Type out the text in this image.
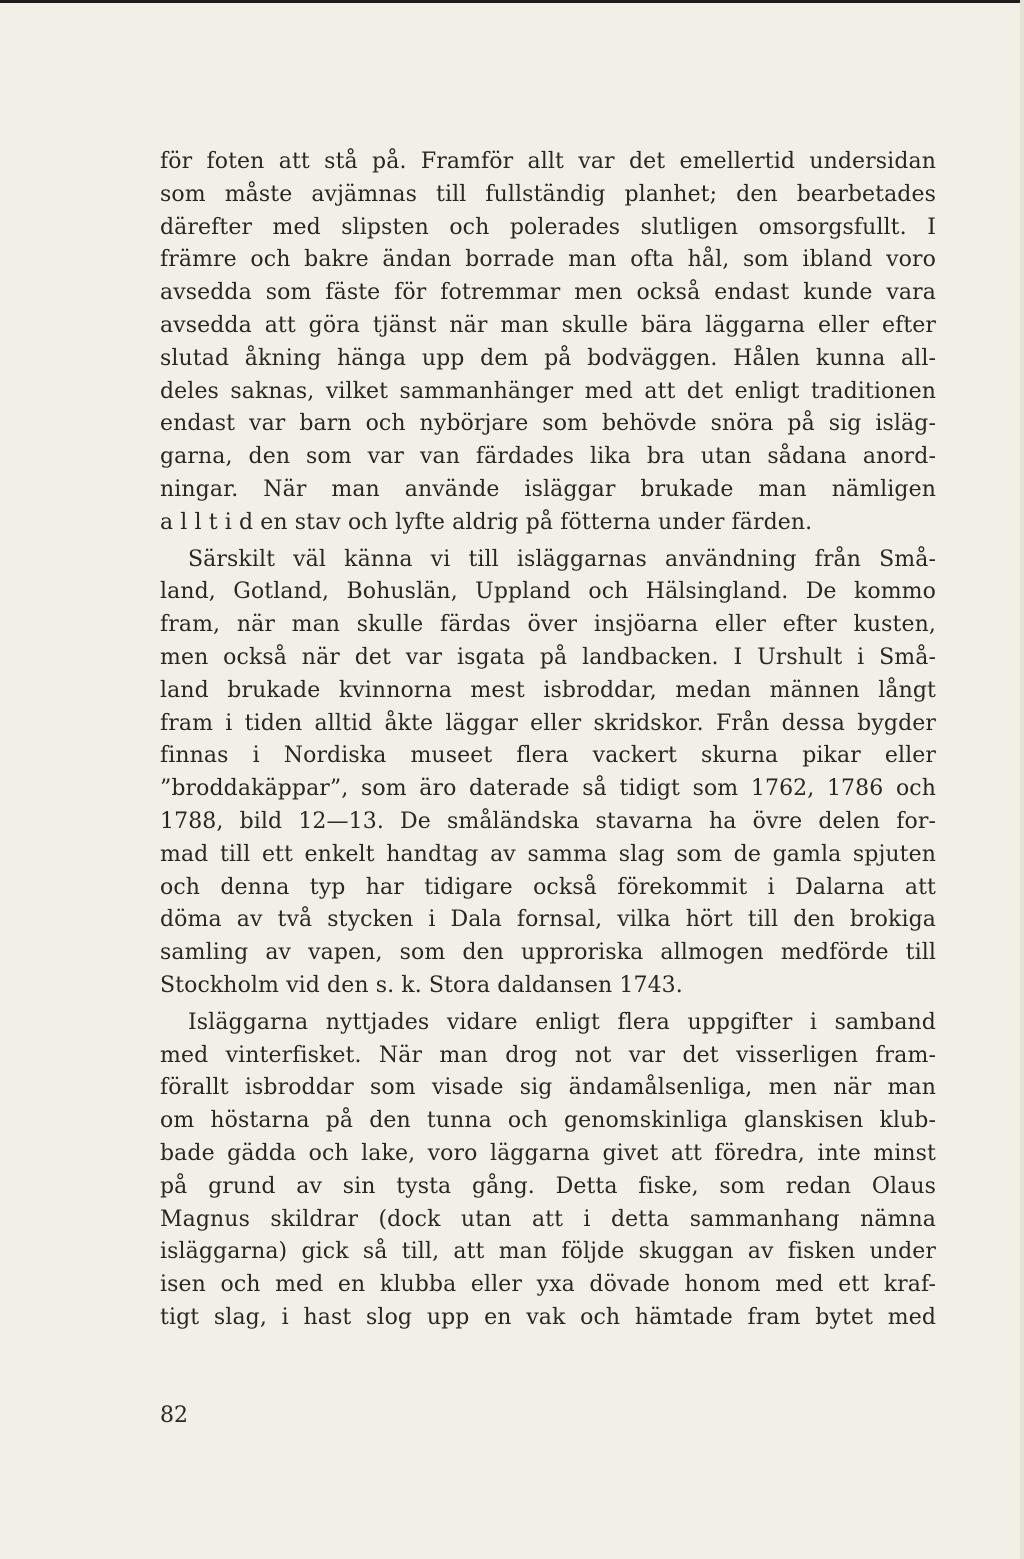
för foten att stå på. Framför allt var det emellertid undersidan
som måste avjämnas till fullständig planhet; den bearbetades
därefter med slipsten och polerades slutligen omsorgsfullt. I
främre och bakre ändan borrade man ofta hål, som ibland voro
avsedda som fäste för fotremmar men också endast kunde vara
avsedda att göra tjänst när man skulle bära läggarna eller efter
slutad åkning hänga upp dem på bodväggen. Hålen kunna all-
deles saknas, vilket sammanhänger med att det enligt traditionen
endast var barn och nybörjare som behövde snöra på sig isläg-
garna, den som var van färdades lika bra utan sådana anord-
ningar. När man använde isläggar brukade man nämligen
a l l t i d en stav och lyfte aldrig på fötterna under färden.
Särskilt väl känna vi till isläggarnas användning från Små-
land, Gotland, Bohuslän, Uppland och Hälsingland. De kommo
fram, när man skulle färdas över insjöarna eller efter kusten,
men också när det var isgata på landbacken. I Urshult i Små-
land brukade kvinnorna mest isbroddar, medan männen långt
fram i tiden alltid åkte läggar eller skridskor. Från dessa bygder
finnas i Nordiska museet flera vackert skurna pikar eller
”broddakäppar”, som äro daterade så tidigt som 1762, 1786 och
1788, bild 12—13. De småländska stavarna ha övre delen for-
mad till ett enkelt handtag av samma slag som de gamla spjuten
och denna typ har tidigare också förekommit i Dalarna att
döma av två stycken i Dala fornsal, vilka hört till den brokiga
samling av vapen, som den upproriska allmogen medförde till
Stockholm vid den s. k. Stora daldansen 1743.
Isläggarna nyttjades vidare enligt flera uppgifter i samband
med vinterfisket. När man drog not var det visserligen fram-
förallt isbroddar som visade sig ändamålsenliga, men när man
om höstarna på den tunna och genomskinliga glanskisen klub-
bade gädda och lake, voro läggarna givet att föredra, inte minst
på grund av sin tysta gång. Detta fiske, som redan Olaus
Magnus skildrar (dock utan att i detta sammanhang nämna
isläggarna) gick så till, att man följde skuggan av fisken under
isen och med en klubba eller yxa dövade honom med ett kraf-
tigt slag, i hast slog upp en vak och hämtade fram bytet med
82
